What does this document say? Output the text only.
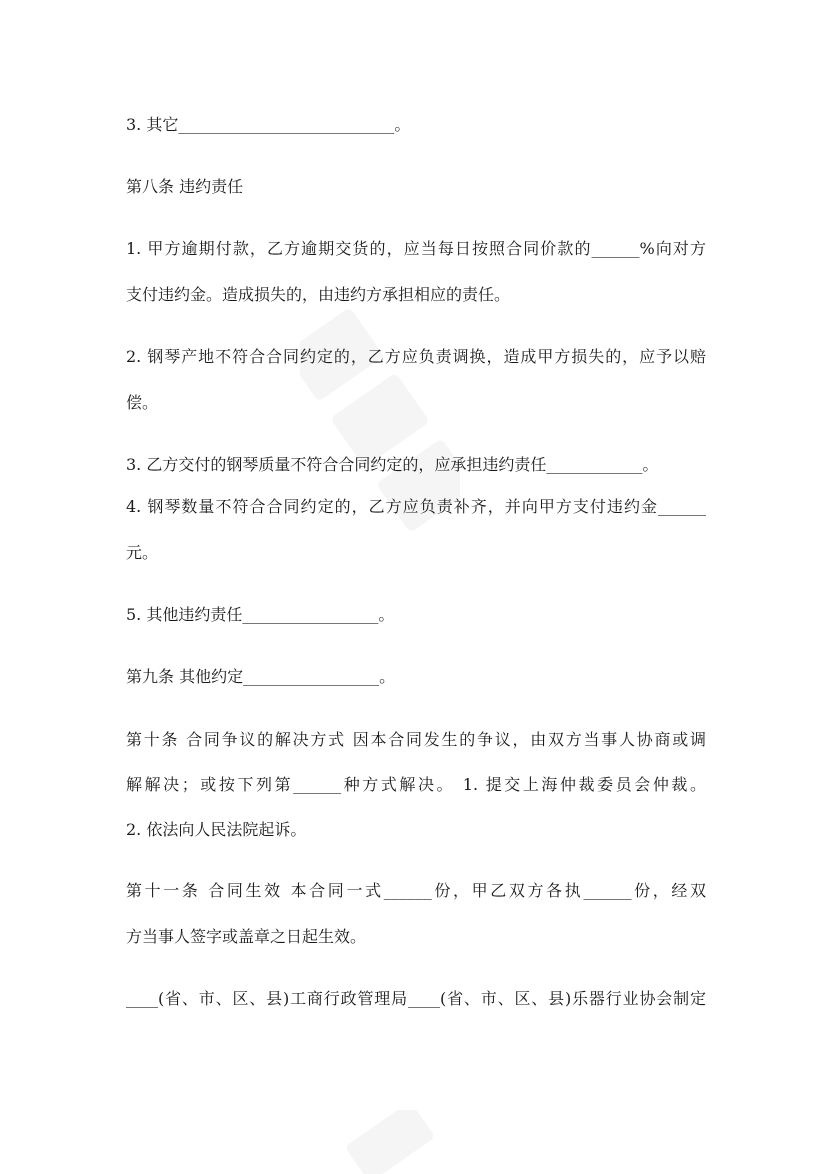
3. 其它___________________________。
第八条 违约责任
1. 甲方逾期付款，乙方逾期交货的，应当每日按照合同价款的______%向对方
支付违约金。造成损失的，由违约方承担相应的责任。
2. 钢琴产地不符合合同约定的，乙方应负责调换，造成甲方损失的，应予以赔
偿。
3. 乙方交付的钢琴质量不符合合同约定的，应承担违约责任____________。
4. 钢琴数量不符合合同约定的，乙方应负责补齐，并向甲方支付违约金______
元。
5. 其他违约责任_________________。
第九条 其他约定_________________。
第十条 合同争议的解决方式 因本合同发生的争议，由双方当事人协商或调
解解决；或按下列第______种方式解决。 1. 提交上海仲裁委员会仲裁。
2. 依法向人民法院起诉。
第十一条 合同生效 本合同一式______份，甲乙双方各执______份，经双
方当事人签字或盖章之日起生效。
____(省、市、区、县)工商行政管理局____(省、市、区、县)乐器行业协会制定
